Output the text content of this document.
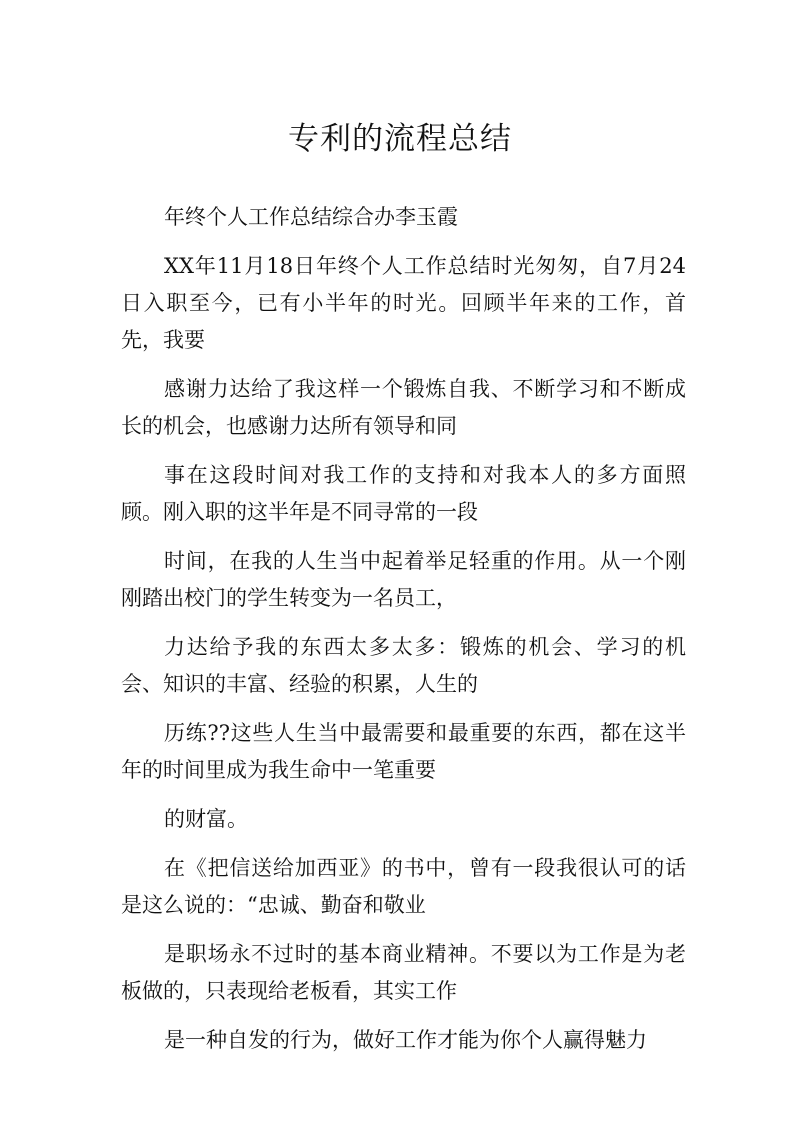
专利的流程总结

年终个人工作总结综合办李玉霞

XX年11月18日年终个人工作总结时光匆匆，自7月24日入职至今，已有小半年的时光。回顾半年来的工作，首先，我要

感谢力达给了我这样一个锻炼自我、不断学习和不断成长的机会，也感谢力达所有领导和同

事在这段时间对我工作的支持和对我本人的多方面照顾。刚入职的这半年是不同寻常的一段

时间，在我的人生当中起着举足轻重的作用。从一个刚刚踏出校门的学生转变为一名员工，

力达给予我的东西太多太多：锻炼的机会、学习的机会、知识的丰富、经验的积累，人生的

历练??这些人生当中最需要和最重要的东西，都在这半年的时间里成为我生命中一笔重要

的财富。

在《把信送给加西亚》的书中，曾有一段我很认可的话是这么说的：“忠诚、勤奋和敬业

是职场永不过时的基本商业精神。不要以为工作是为老板做的，只表现给老板看，其实工作

是一种自发的行为，做好工作才能为你个人赢得魅力
